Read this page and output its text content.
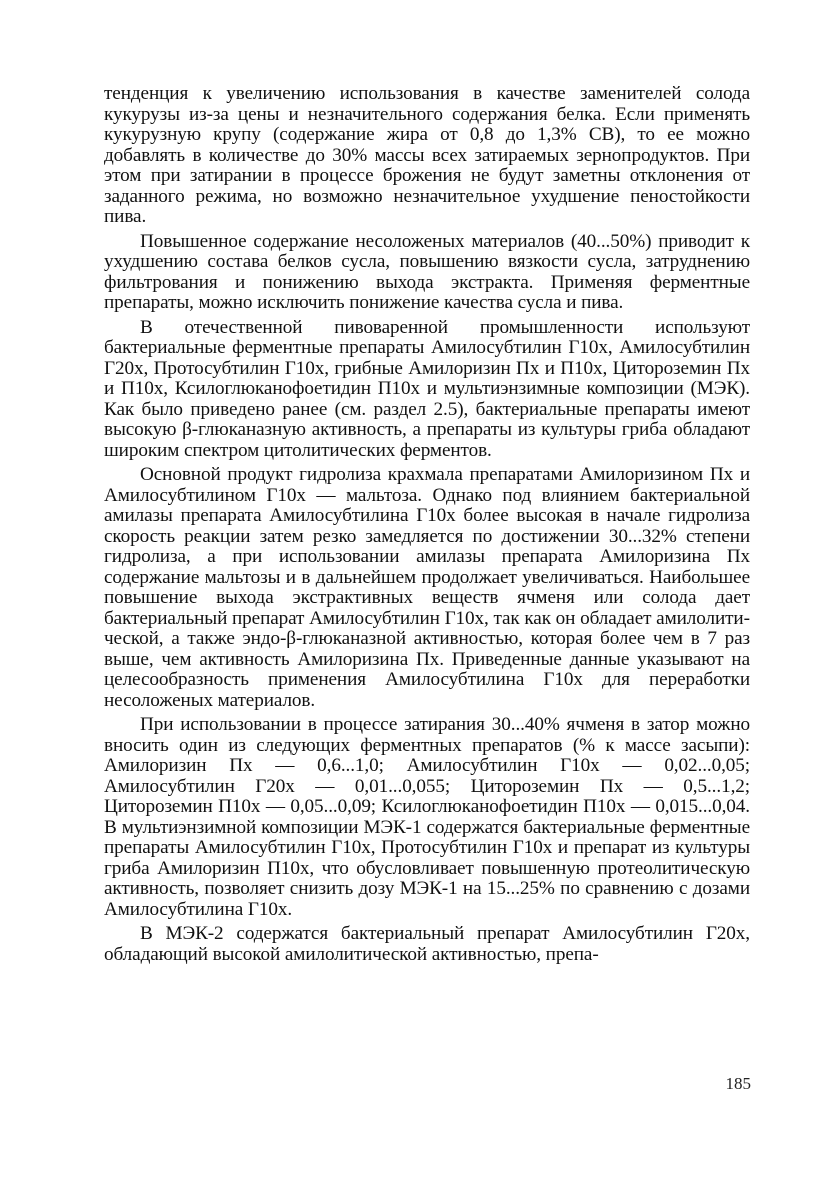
тенденция к увеличению использования в качестве заменителей солода кукурузы из-за цены и незначительного содержания белка. Если применять кукурузную крупу (содержание жира от 0,8 до 1,3% СВ), то ее можно добавлять в количестве до 30% массы всех затираемых зернопродуктов. При этом при затирании в процессе брожения не будут заметны отклонения от заданного режима, но возможно незначительное ухудшение пеностойкости пива.

Повышенное содержание несоложеных материалов (40...50%) приводит к ухудшению состава белков сусла, повышению вязкости сусла, затруднению фильтрования и понижению выхода экстракта. Применяя ферментные препараты, можно исключить понижение качества сусла и пива.

В отечественной пивоваренной промышленности используют бактериальные ферментные препараты Амилосубтилин Г10х, Амилосубтилин Г20х, Протосубтилин Г10х, грибные Амилоризин Пх и П10х, Цитороземин Пх и П10х, Ксилоглюканофоетидин П10х и мультиэнзимные композиции (МЭК). Как было приведено ранее (см. раздел 2.5), бактериальные препараты имеют высокую β-глюканазную активность, а препараты из культуры гриба обладают широким спектром цитолитических ферментов.

Основной продукт гидролиза крахмала препаратами Амилоризином Пх и Амилосубтилином Г10х — мальтоза. Однако под влиянием бактериальной амилазы препарата Амилосубтилина Г10х более высокая в начале гидролиза скорость реакции затем резко замедляется по достижении 30...32% степени гидролиза, а при использовании амилазы препарата Амилоризина Пх содержание мальтозы и в дальнейшем продолжает увеличиваться. Наибольшее повышение выхода экстрактивных веществ ячменя или солода дает бактериальный препарат Амилосубтилин Г10х, так как он обладает амилолитической, а также эндо-β-глюканазной активностью, которая более чем в 7 раз выше, чем активность Амилоризина Пх. Приведенные данные указывают на целесообразность применения Амилосубтилина Г10х для переработки несоложеных материалов.

При использовании в процессе затирания 30...40% ячменя в затор можно вносить один из следующих ферментных препаратов (% к массе засыпи): Амилоризин Пх — 0,6...1,0; Амилосубтилин Г10х — 0,02...0,05; Амилосубтилин Г20х — 0,01...0,055; Цитороземин Пх — 0,5...1,2; Цитороземин П10х — 0,05...0,09; Ксилоглюканофоетидин П10х — 0,015...0,04. В мультиэнзимной композиции МЭК-1 содержатся бактериальные ферментные препараты Амилосубтилин Г10х, Протосубтилин Г10х и препарат из культуры гриба Амилоризин П10х, что обусловливает повышенную протеолитическую активность, позволяет снизить дозу МЭК-1 на 15...25% по сравнению с дозами Амилосубтилина Г10х.

В МЭК-2 содержатся бактериальный препарат Амилосубтилин Г20х, обладающий высокой амилолитической активностью, препа-

185
